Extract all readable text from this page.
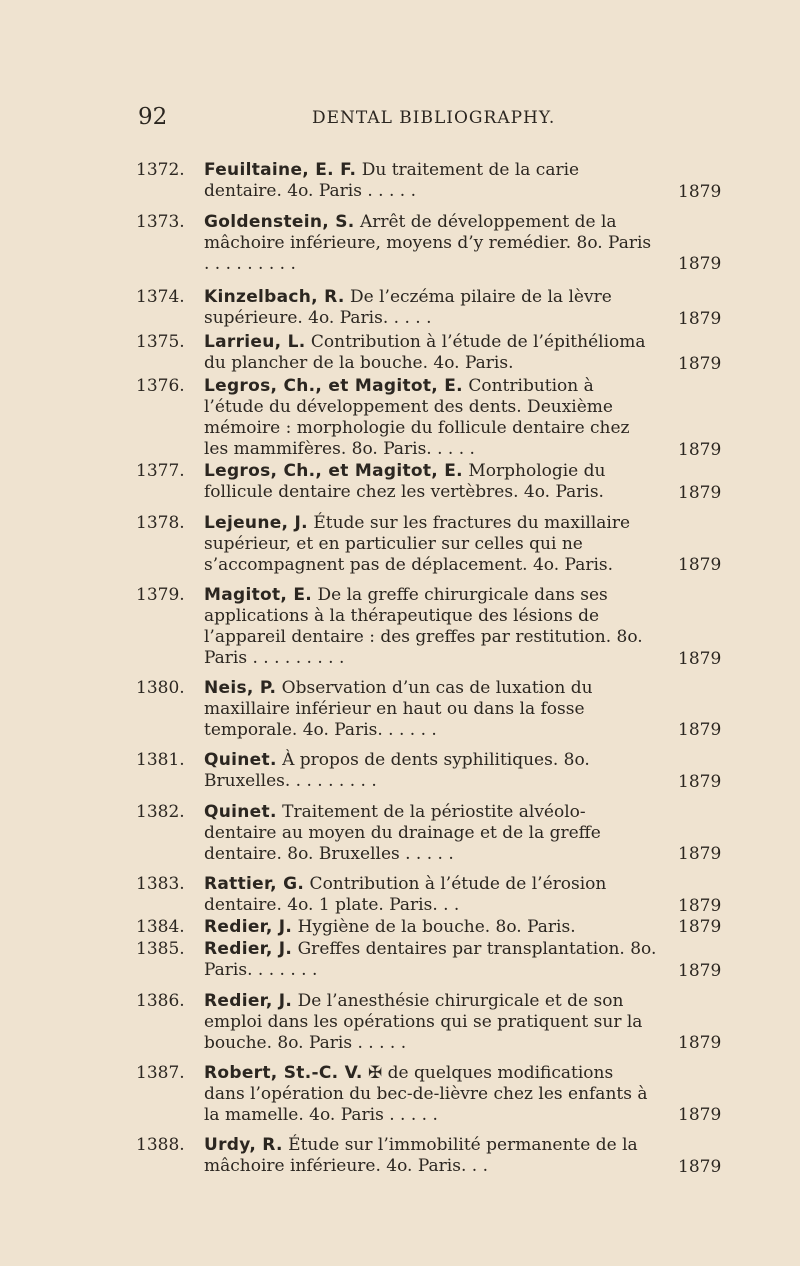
92	DENTAL BIBLIOGRAPHY.
1372. Feuiltaine, E. F. Du traitement de la carie dentaire. 4o. Paris . . . . .	1879
1373. Goldenstein, S. Arrêt de développement de la mâchoire inférieure, moyens d’y remédier. 8o. Paris . . . . . . . . .	1879
1374. Kinzelbach, R. De l’eczéma pilaire de la lèvre supérieure. 4o. Paris. . . . .	1879
1375. Larrieu, L. Contribution à l’étude de l’épithélioma du plancher de la bouche. 4o. Paris.	1879
1376. Legros, Ch., et Magitot, E. Contribution à l’étude du développement des dents. Deuxième mémoire : morphologie du follicule dentaire chez les mammifères. 8o. Paris. . . . .	1879
1377. Legros, Ch., et Magitot, E. Morphologie du follicule dentaire chez les vertèbres. 4o. Paris.	1879
1378. Lejeune, J. Étude sur les fractures du maxillaire supérieur, et en particulier sur celles qui ne s’accompagnent pas de déplacement. 4o. Paris.	1879
1379. Magitot, E. De la greffe chirurgicale dans ses applications à la thérapeutique des lésions de l’appareil dentaire : des greffes par restitution. 8o. Paris . . . . . . . . .	1879
1380. Neis, P. Observation d’un cas de luxation du maxillaire inférieur en haut ou dans la fosse temporale. 4o. Paris. . . . . .	1879
1381. Quinet. À propos de dents syphilitiques. 8o. Bruxelles. . . . . . . . .	1879
1382. Quinet. Traitement de la périostite alvéolo-dentaire au moyen du drainage et de la greffe dentaire. 8o. Bruxelles . . . . .	1879
1383. Rattier, G. Contribution à l’étude de l’érosion dentaire. 4o. 1 plate. Paris. . .	1879
1384. Redier, J. Hygiène de la bouche. 8o. Paris.	1879
1385. Redier, J. Greffes dentaires par transplantation. 8o. Paris. . . . . . .	1879
1386. Redier, J. De l’anesthésie chirurgicale et de son emploi dans les opérations qui se pratiquent sur la bouche. 8o. Paris . . . . .	1879
1387. Robert, St.-C. V. ✠ de quelques modifications dans l’opération du bec-de-lièvre chez les enfants à la mamelle. 4o. Paris . . . . .	1879
1388. Urdy, R. Étude sur l’immobilité permanente de la mâchoire inférieure. 4o. Paris. . .	1879
